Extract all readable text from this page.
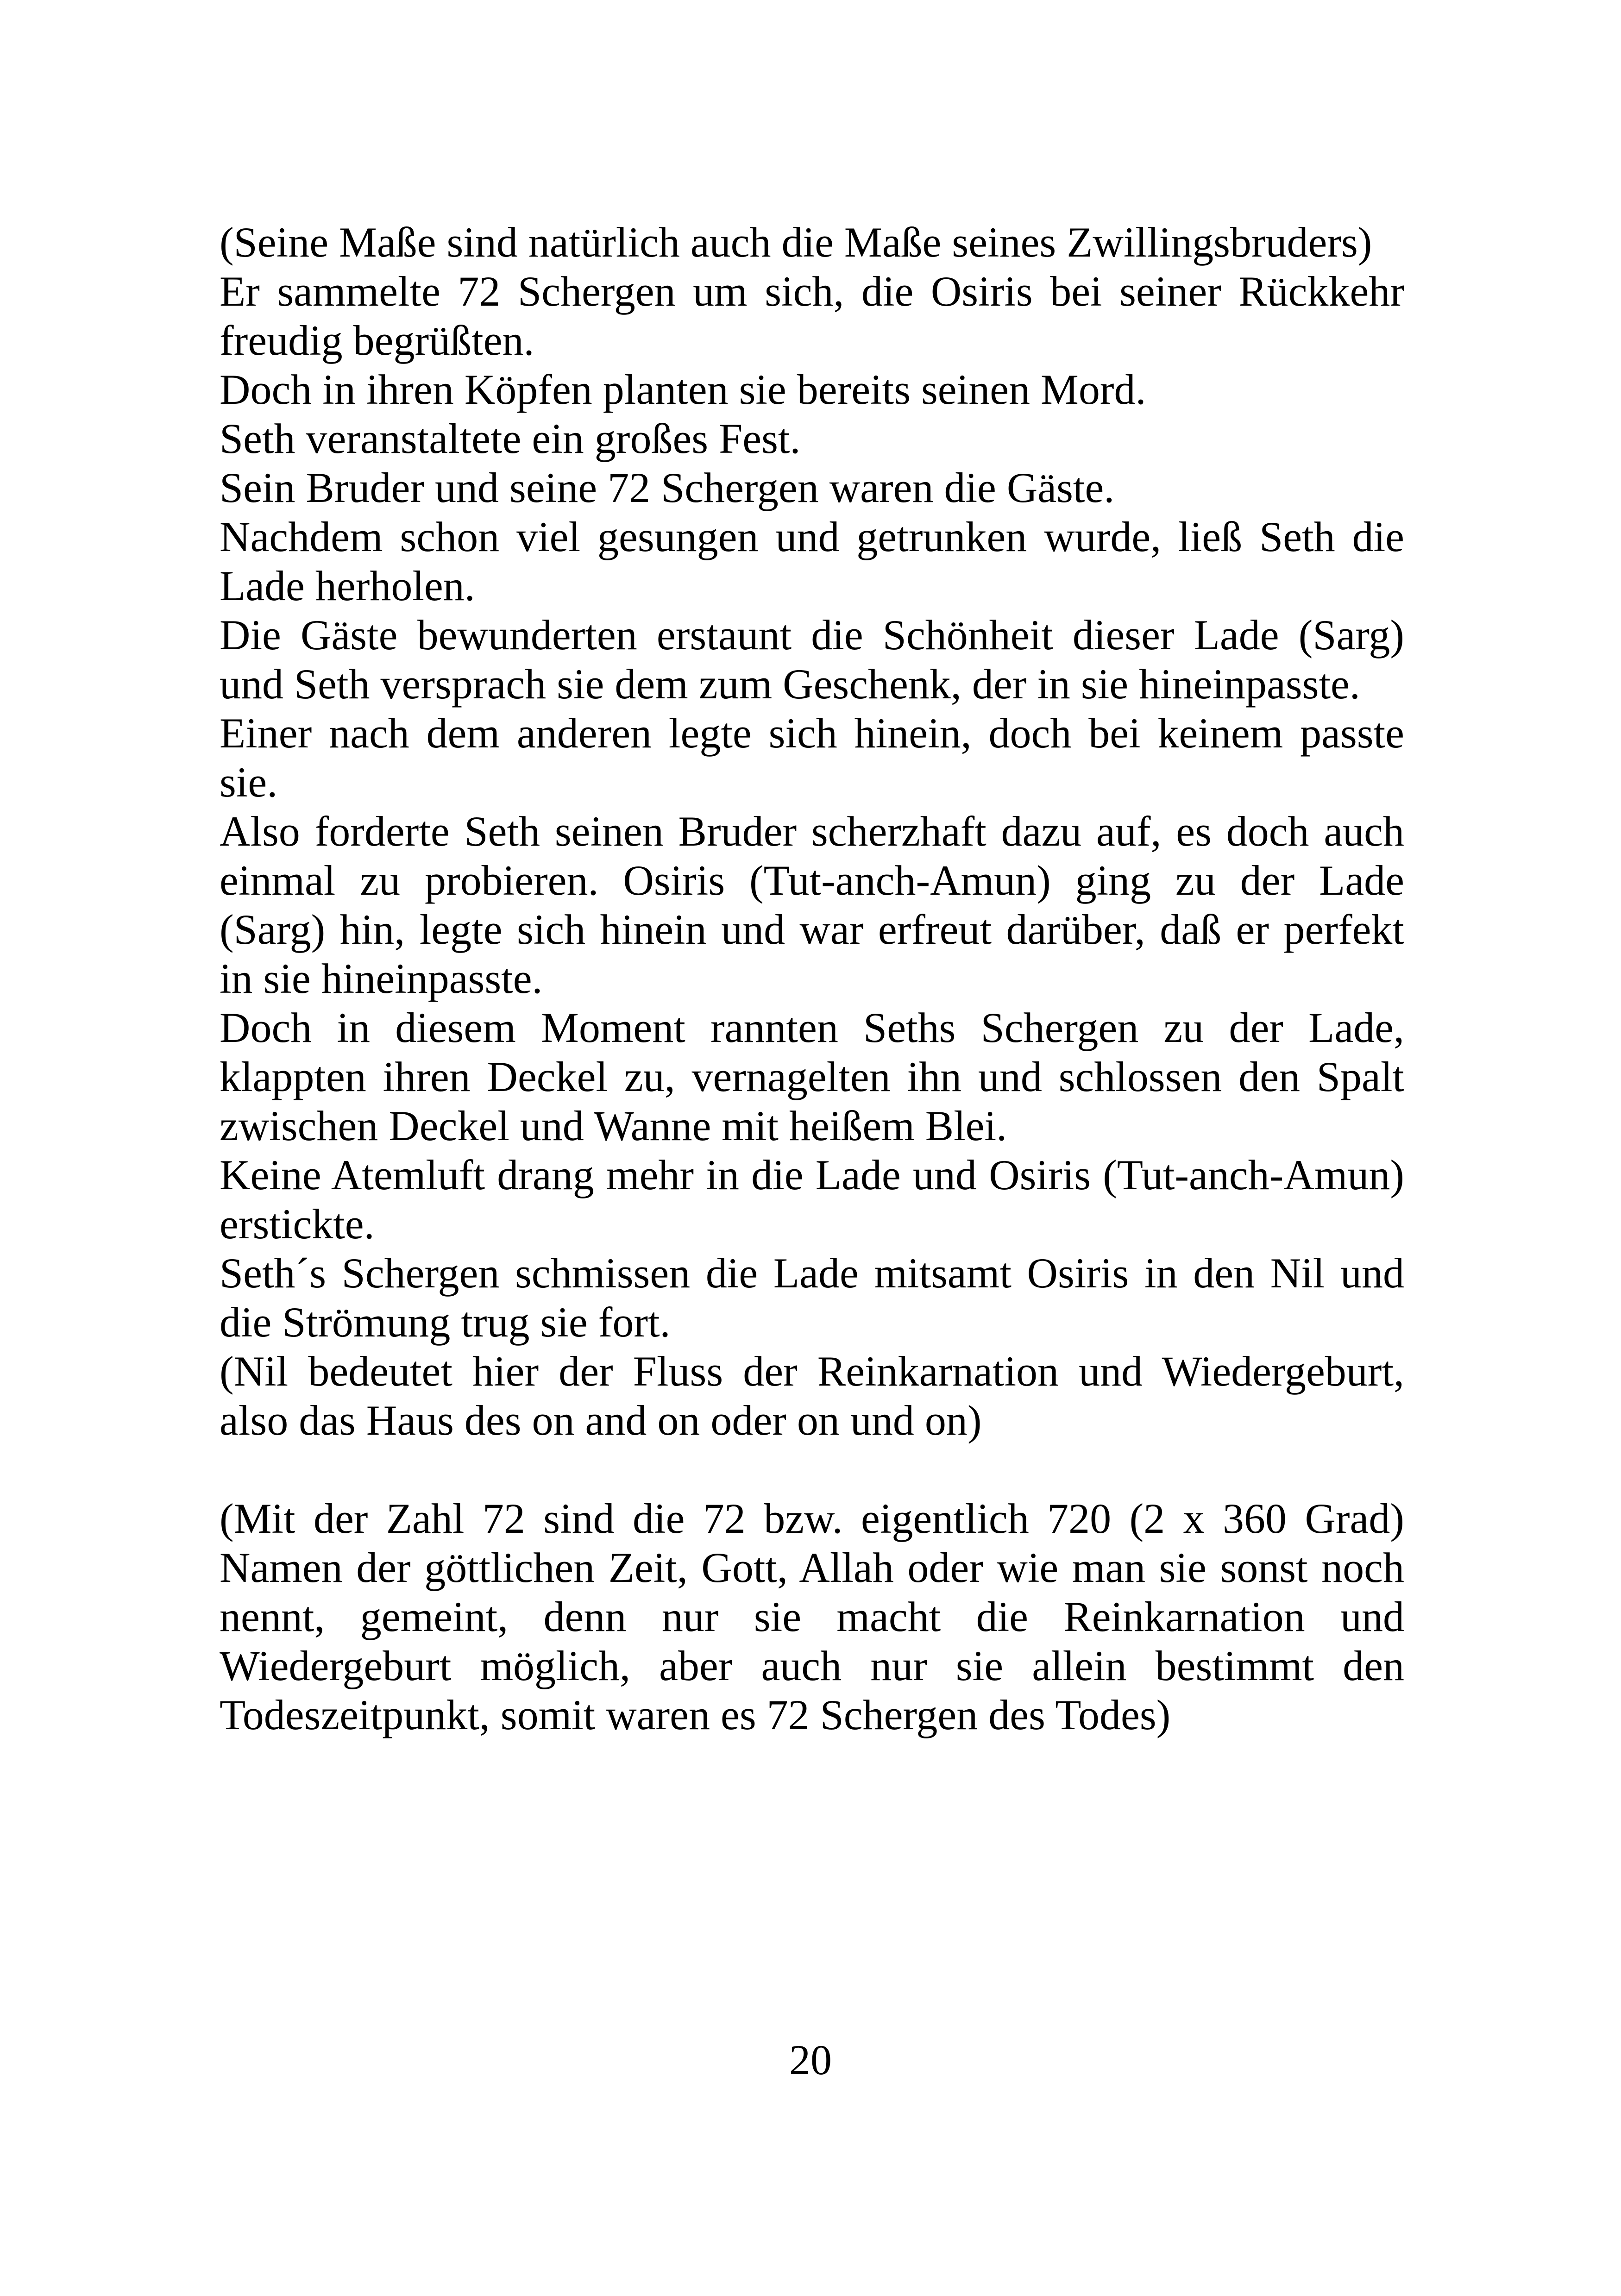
(Seine Maße sind natürlich auch die Maße seines Zwillingsbruders)

Er sammelte 72 Schergen um sich, die Osiris bei seiner Rückkehr freudig begrüßten.

Doch in ihren Köpfen planten sie bereits seinen Mord.

Seth veranstaltete ein großes Fest.

Sein Bruder und seine 72 Schergen waren die Gäste.

Nachdem schon viel gesungen und getrunken wurde, ließ Seth die Lade herholen.

Die Gäste bewunderten erstaunt die Schönheit dieser Lade (Sarg) und Seth versprach sie dem zum Geschenk, der in sie hineinpasste.

Einer nach dem anderen legte sich hinein, doch bei keinem passte sie.

Also forderte Seth seinen Bruder scherzhaft dazu auf, es doch auch einmal zu probieren. Osiris (Tut-anch-Amun) ging zu der Lade (Sarg) hin, legte sich hinein und war erfreut darüber, daß er perfekt in sie hineinpasste.

Doch in diesem Moment rannten Seths Schergen zu der Lade, klappten ihren Deckel zu, vernagelten ihn und schlossen den Spalt zwischen Deckel und Wanne mit heißem Blei.

Keine Atemluft drang mehr in die Lade und Osiris (Tut-anch-Amun) erstickte.

Seth´s Schergen schmissen die Lade mitsamt Osiris in den Nil und die Strömung trug sie fort.

(Nil bedeutet hier der Fluss der Reinkarnation und Wiedergeburt, also das Haus des on and on oder on und on)

(Mit der Zahl 72 sind die 72 bzw. eigentlich 720 (2 x 360 Grad) Namen der göttlichen Zeit, Gott, Allah oder wie man sie sonst noch nennt, gemeint, denn nur sie macht die Reinkarnation und Wiedergeburt möglich, aber auch nur sie allein bestimmt den Todeszeitpunkt, somit waren es 72 Schergen des Todes)

20
